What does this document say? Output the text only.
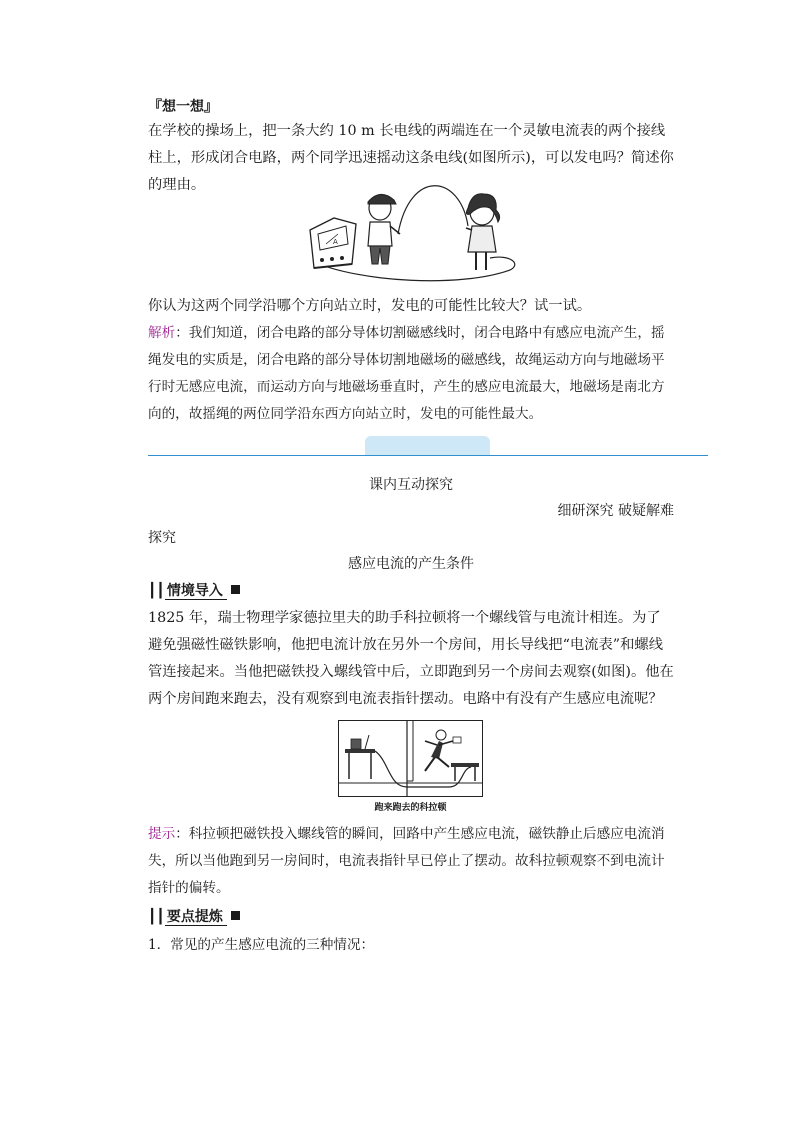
『想一想』
在学校的操场上，把一条大约 10 m 长电线的两端连在一个灵敏电流表的两个接线柱上，形成闭合电路，两个同学迅速摇动这条电线(如图所示)，可以发电吗？简述你的理由。
A
你认为这两个同学沿哪个方向站立时，发电的可能性比较大？试一试。
解析：我们知道，闭合电路的部分导体切割磁感线时，闭合电路中有感应电流产生，摇绳发电的实质是，闭合电路的部分导体切割地磁场的磁感线，故绳运动方向与地磁场平行时无感应电流，而运动方向与地磁场垂直时，产生的感应电流最大，地磁场是南北方向的，故摇绳的两位同学沿东西方向站立时，发电的可能性最大。
课内互动探究
细研深究 破疑解难
探究
感应电流的产生条件
┃┃ 情境导入
1825 年，瑞士物理学家德拉里夫的助手科拉顿将一个螺线管与电流计相连。为了避免强磁性磁铁影响，他把电流计放在另外一个房间，用长导线把“电流表”和螺线管连接起来。当他把磁铁投入螺线管中后，立即跑到另一个房间去观察(如图)。他在两个房间跑来跑去，没有观察到电流表指针摆动。电路中有没有产生感应电流呢？
跑来跑去的科拉顿
提示：科拉顿把磁铁投入螺线管的瞬间，回路中产生感应电流，磁铁静止后感应电流消失，所以当他跑到另一房间时，电流表指针早已停止了摆动。故科拉顿观察不到电流计指针的偏转。
┃┃ 要点提炼
1．常见的产生感应电流的三种情况：
